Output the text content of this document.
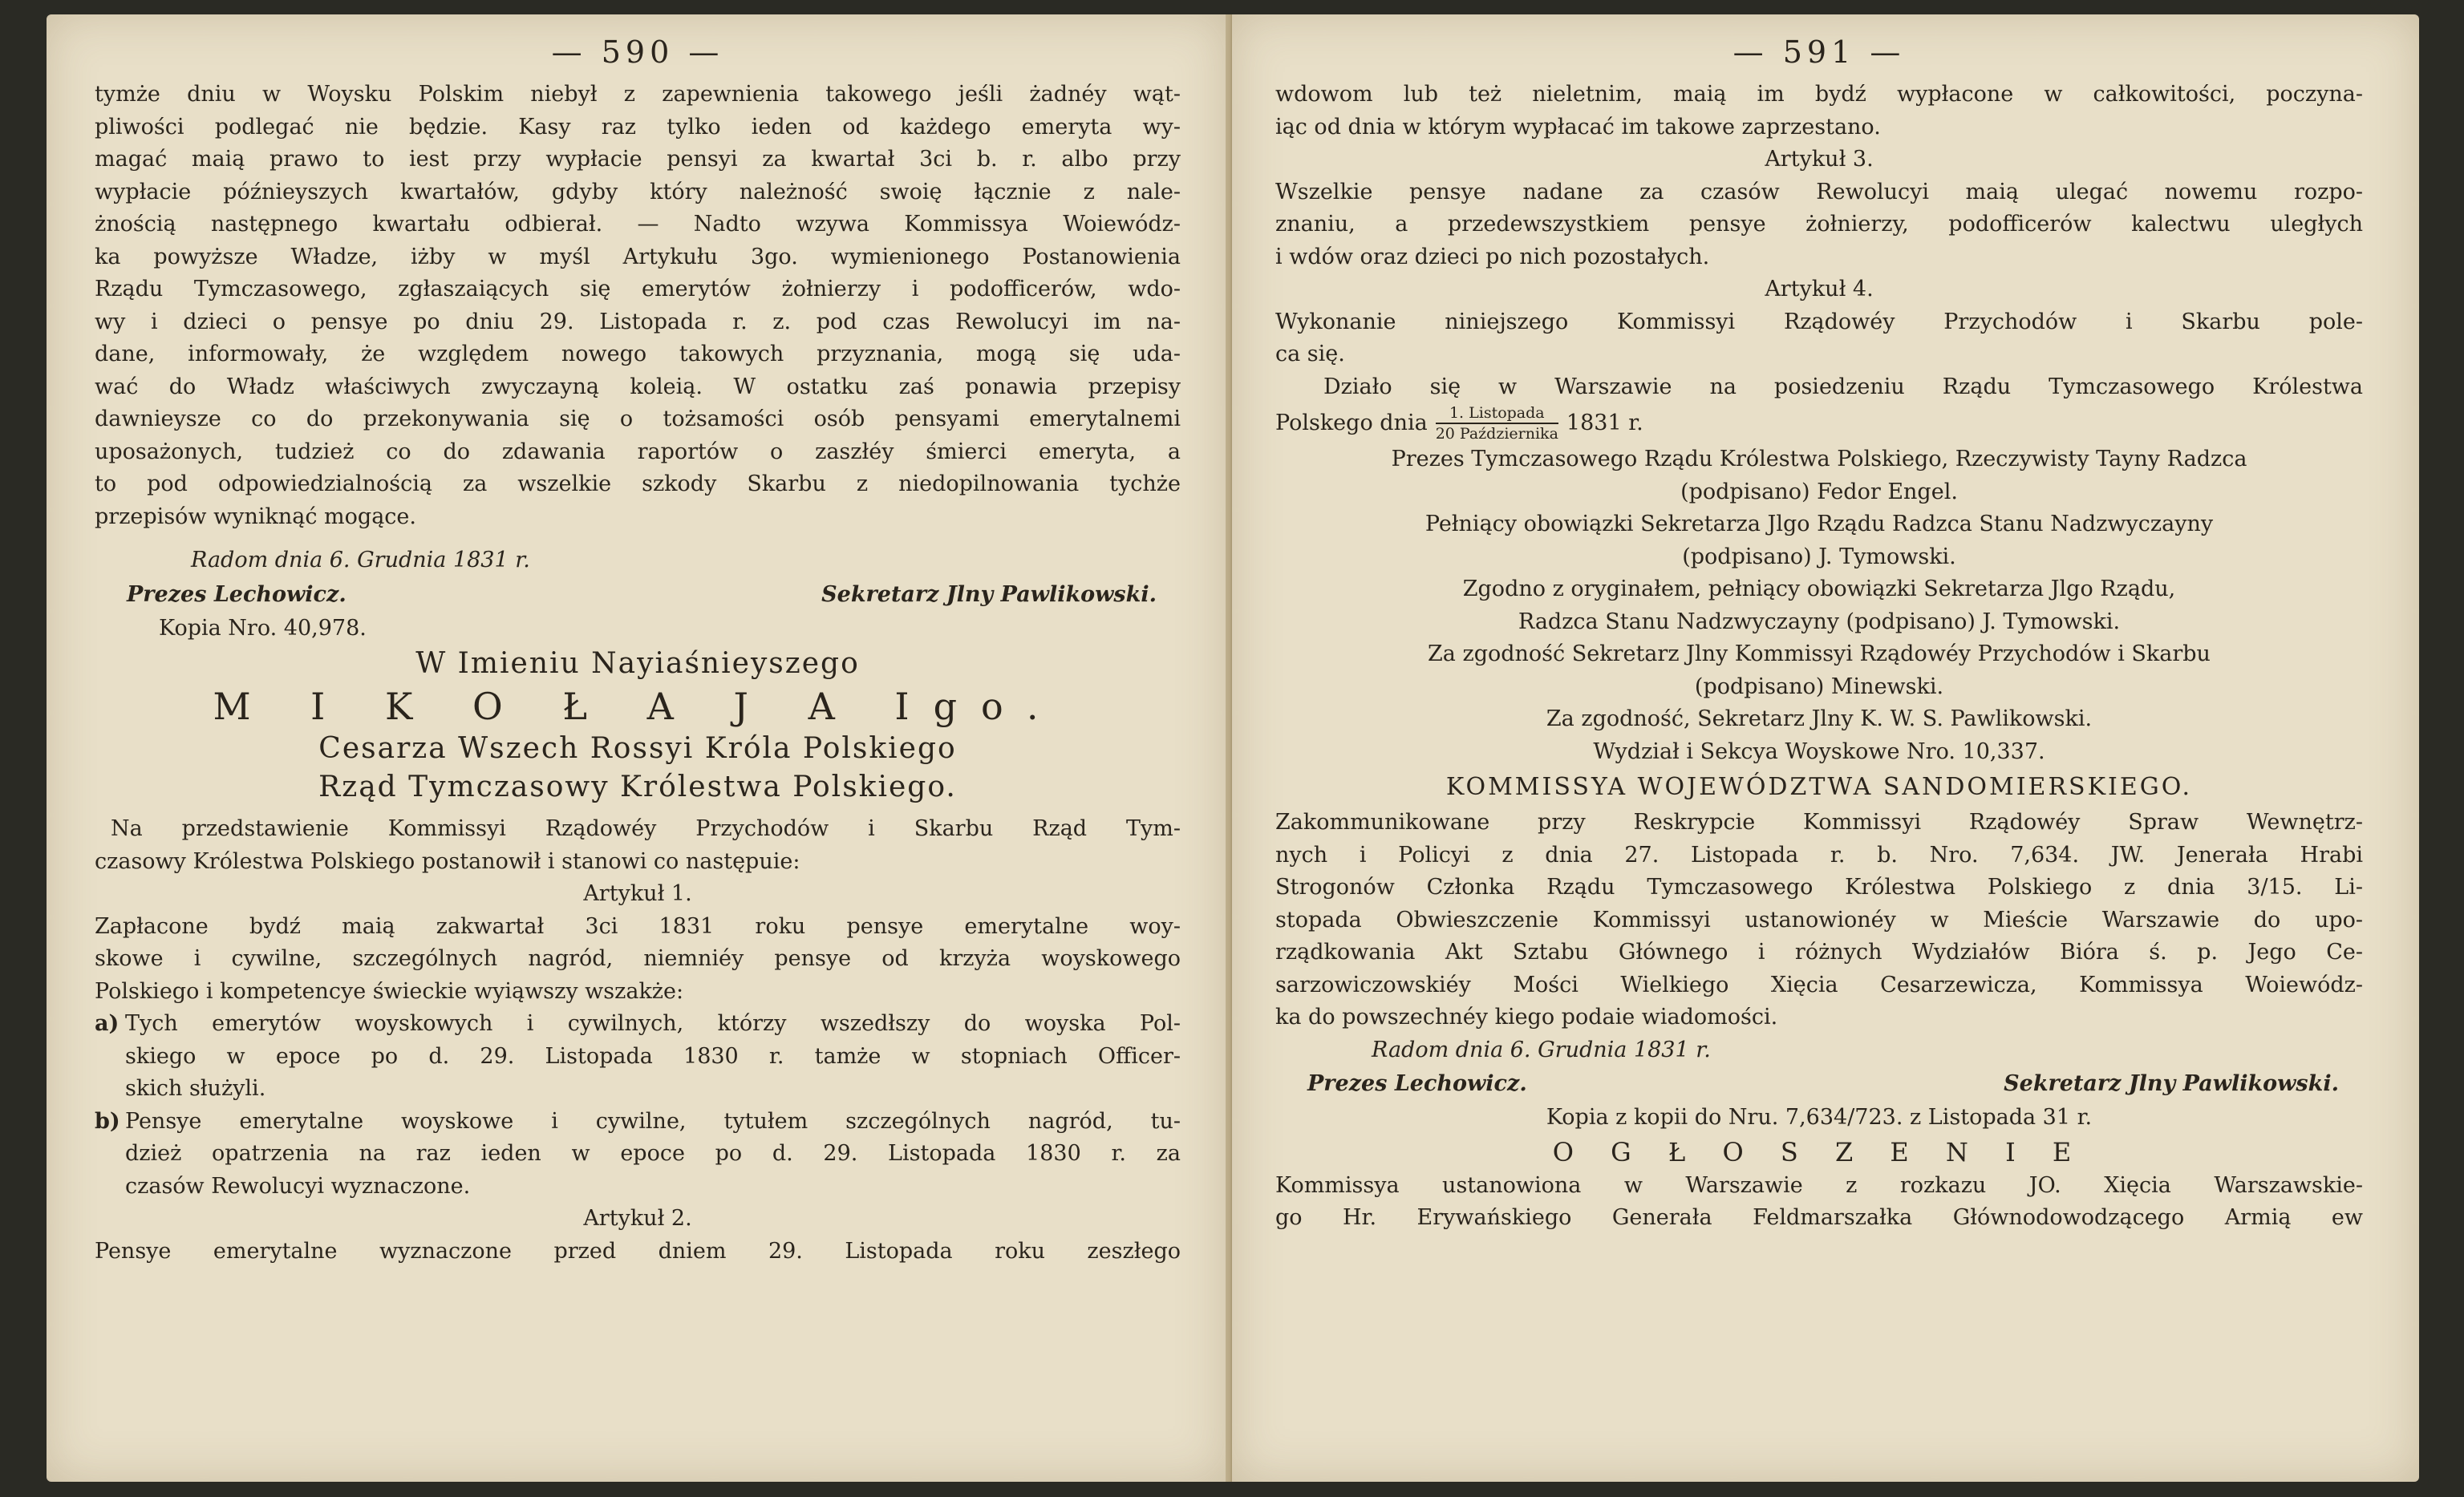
— 590 —
tymże dniu w Woysku Polskim niebył z zapewnienia takowego jeśli żadnéy wąt-
pliwości podlegać nie będzie. Kasy raz tylko ieden od każdego emeryta wy-
magać maią prawo to iest przy wypłacie pensyi za kwartał 3ci b. r. albo przy
wypłacie późnieyszych kwartałów, gdyby który należność swoię łącznie z nale-
żnością następnego kwartału odbierał. — Nadto wzywa Kommissya Woiewódz-
ka powyższe Władze, iżby w myśl Artykułu 3go. wymienionego Postanowienia
Rządu Tymczasowego, zgłaszaiących się emerytów żołnierzy i podofficerów, wdo-
wy i dzieci o pensye po dniu 29. Listopada r. z. pod czas Rewolucyi im na-
dane, informowały, że względem nowego takowych przyznania, mogą się uda-
wać do Władz właściwych zwyczayną koleią. W ostatku zaś ponawia przepisy
dawnieysze co do przekonywania się o tożsamości osób pensyami emerytalnemi
uposażonych, tudzież co do zdawania raportów o zaszłéy śmierci emeryta, a
to pod odpowiedzialnością za wszelkie szkody Skarbu z niedopilnowania tychże
przepisów wyniknąć mogące.
Radom dnia 6. Grudnia 1831 r.
Prezes Lechowicz.	Sekretarz Jlny Pawlikowski.
Kopia Nro. 40,978.
W Imieniu Nayiaśnieyszego
M I K O Ł A J A Igo.
Cesarza Wszech Rossyi Króla Polskiego
Rząd Tymczasowy Królestwa Polskiego.
Na przedstawienie Kommissyi Rządowéy Przychodów i Skarbu Rząd Tym-
czasowy Królestwa Polskiego postanowił i stanowi co następuie:
Artykuł 1.
Zapłacone bydź maią zakwartał 3ci 1831 roku pensye emerytalne woy-
skowe i cywilne, szczególnych nagród, niemniéy pensye od krzyża woyskowego
Polskiego i kompetencye świeckie wyiąwszy wszakże:
a) Tych emerytów woyskowych i cywilnych, którzy wszedłszy do woyska Pol-
skiego w epoce po d. 29. Listopada 1830 r. tamże w stopniach Officer-
skich służyli.
b) Pensye emerytalne woyskowe i cywilne, tytułem szczególnych nagród, tu-
dzież opatrzenia na raz ieden w epoce po d. 29. Listopada 1830 r. za
czasów Rewolucyi wyznaczone.
Artykuł 2.
Pensye emerytalne wyznaczone przed dniem 29. Listopada roku zeszłego
— 591 —
wdowom lub też nieletnim, maią im bydź wypłacone w całkowitości, poczyna-
iąc od dnia w którym wypłacać im takowe zaprzestano.
Artykuł 3.
Wszelkie pensye nadane za czasów Rewolucyi maią ulegać nowemu rozpo-
znaniu, a przedewszystkiem pensye żołnierzy, podofficerów kalectwu uległych
i wdów oraz dzieci po nich pozostałych.
Artykuł 4.
Wykonanie niniejszego Kommissyi Rządowéy Przychodów i Skarbu pole-
ca się.
Działo się w Warszawie na posiedzeniu Rządu Tymczasowego Królestwa
Polskego dnia $\frac{\text{1. Listopada}}{\text{20 Października}} 1831$ r.
Prezes Tymczasowego Rządu Królestwa Polskiego, Rzeczywisty Tayny Radzca
(podpisano) Fedor Engel.
Pełniący obowiązki Sekretarza Jlgo Rządu Radzca Stanu Nadzwyczayny
(podpisano) J. Tymowski.
Zgodno z oryginałem, pełniący obowiązki Sekretarza Jlgo Rządu,
Radzca Stanu Nadzwyczayny (podpisano) J. Tymowski.
Za zgodność Sekretarz Jlny Kommissyi Rządowéy Przychodów i Skarbu
(podpisano) Minewski.
Za zgodność, Sekretarz Jlny K. W. S. Pawlikowski.
Wydział i Sekcya Woyskowe Nro. 10,337.
KOMMISSYA WOJEWÓDZTWA SANDOMIERSKIEGO.
Zakommunikowane przy Reskrypcie Kommissyi Rządowéy Spraw Wewnętrz-
nych i Policyi z dnia 27. Listopada r. b. Nro. 7,634. JW. Jenerała Hrabi
Strogonów Członka Rządu Tymczasowego Królestwa Polskiego z dnia 3/15. Li-
stopada Obwieszczenie Kommissyi ustanowionéy w Mieście Warszawie do upo-
rządkowania Akt Sztabu Głównego i różnych Wydziałów Bióra ś. p. Jego Ce-
sarzowiczowskiéy Mości Wielkiego Xięcia Cesarzewicza, Kommissya Woiewódz-
ka do powszechnéy kiego podaie wiadomości.
Radom dnia 6. Grudnia 1831 r.
Prezes Lechowicz.	Sekretarz Jlny Pawlikowski.
Kopia z kopii do Nru. 7,634/723. z Listopada 31 r.
O G Ł O S Z E N I E
Kommissya ustanowiona w Warszawie z rozkazu JO. Xięcia Warszawskie-
go Hr. Erywańskiego Generała Feldmarszałka Głównodowodzącego Armią ew
